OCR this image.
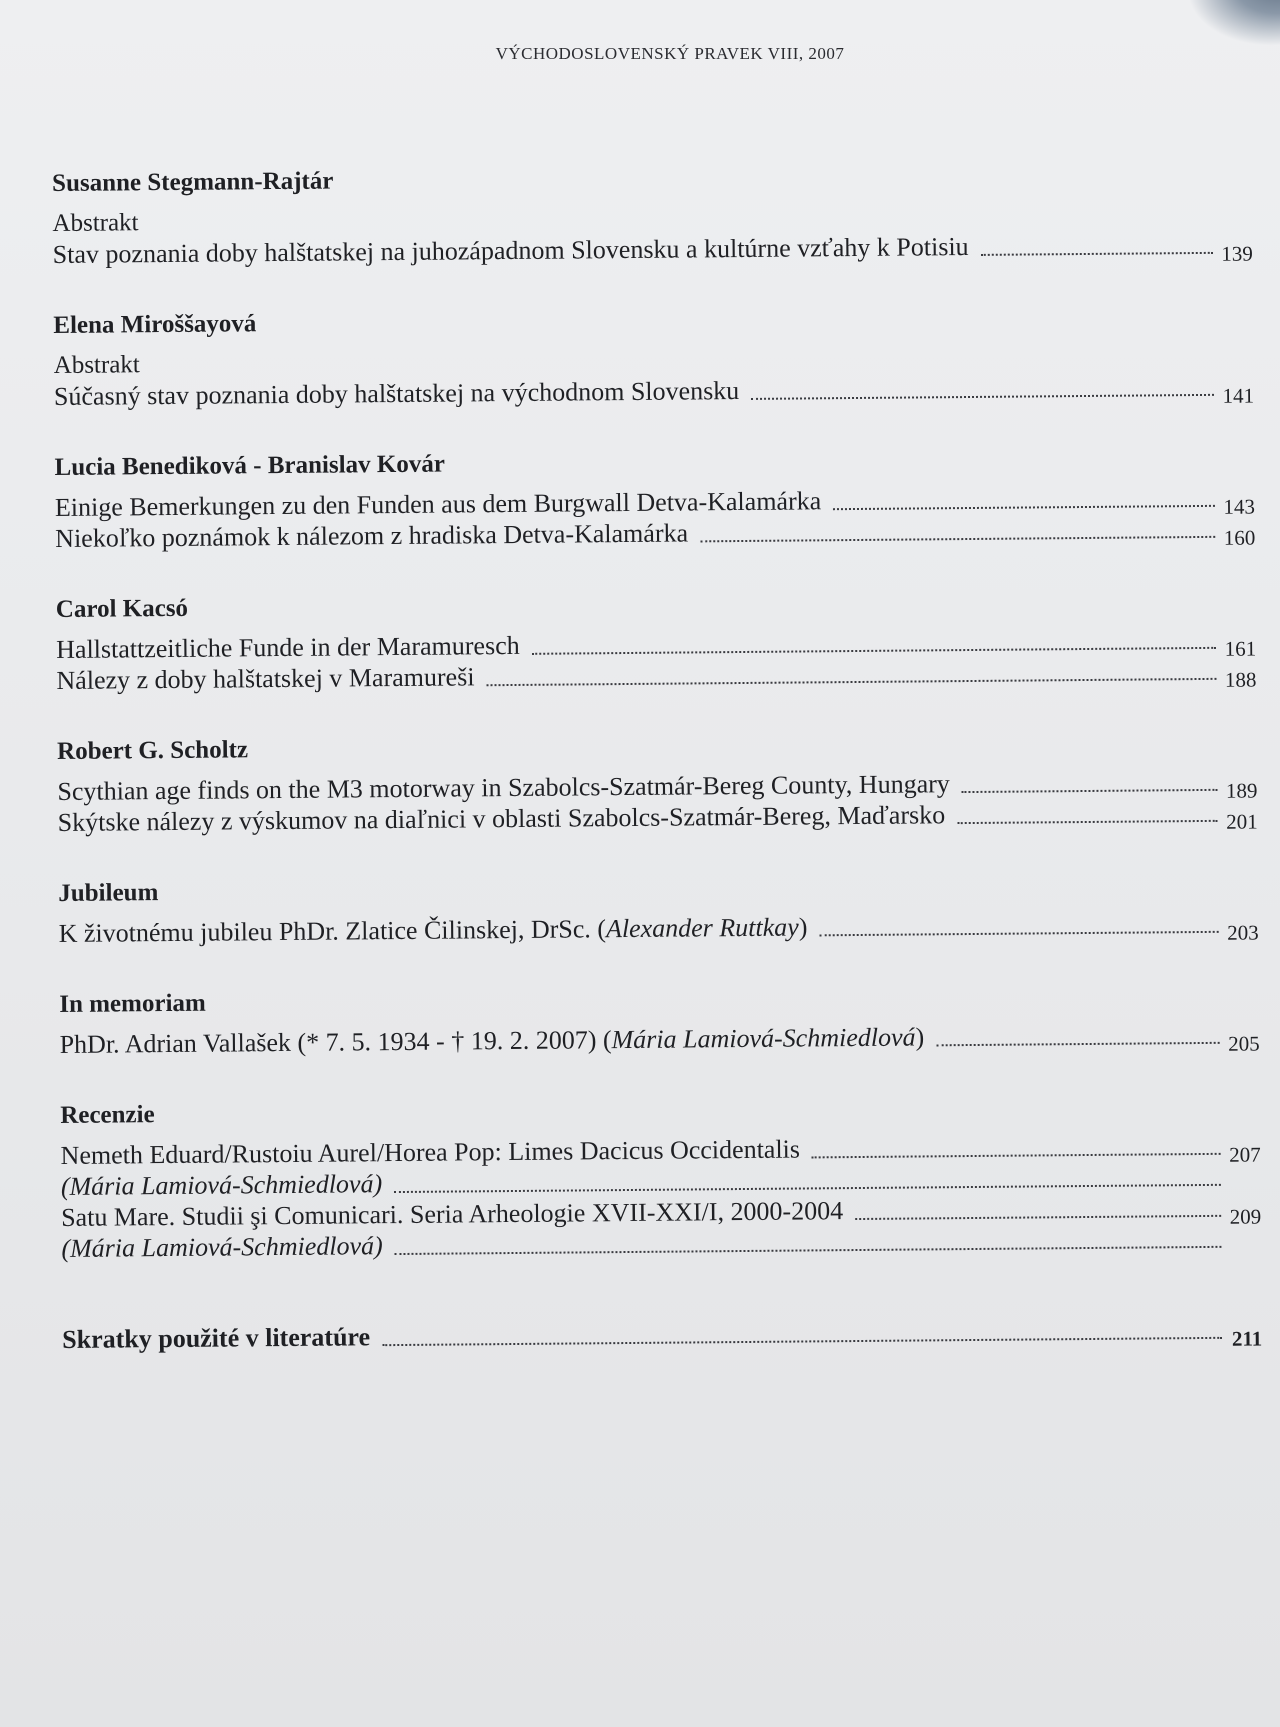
VÝCHODOSLOVENSKÝ PRAVEK VIII, 2007
Susanne Stegmann-Rajtár
Abstrakt
Stav poznania doby halštatskej na juhozápadnom Slovensku a kultúrne vzťahy k Potisiu	139
Elena Miroššayová
Abstrakt
Súčasný stav poznania doby halštatskej na východnom Slovensku	141
Lucia Benediková - Branislav Kovár
Einige Bemerkungen zu den Funden aus dem Burgwall Detva-Kalamárka	143
Niekoľko poznámok k nálezom z hradiska Detva-Kalamárka	160
Carol Kacsó
Hallstattzeitliche Funde in der Maramuresch	161
Nálezy z doby halštatskej v Maramureši	188
Robert G. Scholtz
Scythian age finds on the M3 motorway in Szabolcs-Szatmár-Bereg County, Hungary	189
Skýtske nálezy z výskumov na diaľnici v oblasti Szabolcs-Szatmár-Bereg, Maďarsko	201
Jubileum
K životnému jubileu PhDr. Zlatice Čilinskej, DrSc. (Alexander Ruttkay)	203
In memoriam
PhDr. Adrian Vallašek (* 7. 5. 1934 - † 19. 2. 2007) (Mária Lamiová-Schmiedlová)	205
Recenzie
Nemeth Eduard/Rustoiu Aurel/Horea Pop: Limes Dacicus Occidentalis	207
(Mária Lamiová-Schmiedlová)
Satu Mare. Studii şi Comunicari. Seria Arheologie XVII-XXI/I, 2000-2004	209
(Mária Lamiová-Schmiedlová)
Skratky použité v literatúre	211
